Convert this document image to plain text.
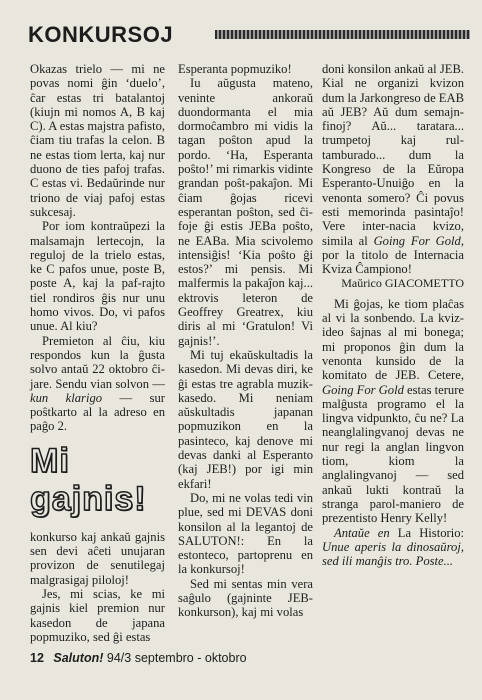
KONKURSOJ

Okazas trielo — mi ne povas nomi ĝin ‘duelo’, ĉar estas tri batalantoj (kiujn mi nomos A, B kaj C). A estas majstra pafisto, ĉiam tiu trafas la celon. B ne estas tiom lerta, kaj nur duono de ties pafoj trafas. C estas vi. Bedaŭrinde nur triono de viaj pafoj estas sukcesaj.

Por iom kontraŭpezi la malsamajn lertecojn, la reguloj de la trielo estas, ke C pafos unue, poste B, poste A, kaj la paf-rajto tiel rondiros ĝis nur unu homo vivos. Do, vi pafos unue. Al kiu?

Premieton al ĉiu, kiu respondos kun la ĝusta solvo antaŭ 22 oktobro ĉi-jare. Sendu vian solvon — kun klarigo — sur poŝtkarto al la adreso en paĝo 2.

Mi gajnis!

konkurso kaj ankaŭ gajnis sen devi aĉeti unujaran provizon de senutilegaj malgrasigaj piloloj!

Jes, mi scias, ke mi gajnis kiel premion nur kasedon de japana popmuziko, sed ĝi estas

Esperanta popmuziko!

Iu aŭgusta mateno, veninte ankoraŭ duondormanta el mia dormoĉambro mi vidis la tagan poŝton apud la pordo. ‘Ha, Esperanta poŝto!’ mi rimarkis vidinte grandan poŝt-pakaĵon. Mi ĉiam ĝojas ricevi esperantan poŝton, sed ĉi-foje ĝi estis JEBa poŝto, ne EABa. Mia scivolemo intensiĝis! ‘Kia poŝto ĝi estos?’ mi pensis. Mi malfermis la pakaĵon kaj... ektrovis leteron de Geoffrey Greatrex, kiu diris al mi ‘Gratulon! Vi gajnis!’.

Mi tuj ekaŭskultadis la kasedon. Mi devas diri, ke ĝi estas tre agrabla muzik-kasedo. Mi neniam aŭskultadis japanan popmuzikon en la pasinteco, kaj denove mi devas danki al Esperanto (kaj JEB!) por igi min ekfari!

Do, mi ne volas tedi vin plue, sed mi DEVAS doni konsilon al la legantoj de SALUTON!: En la estonteco, partoprenu en la konkursoj!

Sed mi sentas min vera saĝulo (gajninte JEB-konkurson), kaj mi volas

doni konsilon ankaŭ al JEB. Kial ne organizi kvizon dum la Jarkongreso de EAB aŭ JEB? Aŭ dum semajn-finoj? Aŭ... taratara... trumpetoj kaj rul-tamburado... dum la Kongreso de la Eŭropa Esperanto-Unuiĝo en la venonta somero? Ĉi povus esti memorinda pasintaĵo! Vere inter-nacia kvizo, simila al Going For Gold, por la titolo de Internacia Kviza Ĉampiono!

Maŭrico GIACOMETTO

Mi ĝojas, ke tiom plaĉas al vi la sonbendo. La kviz-ideo ŝajnas al mi bonega; mi proponos ĝin dum la venonta kunsido de la komitato de JEB. Cetere, Going For Gold estas terure malĝusta programo el la lingva vidpunkto, ĉu ne? La neanglalingvanoj devas ne nur regi la anglan lingvon tiom, kiom la anglalingvanoj — sed ankaŭ lukti kontraŭ la stranga parol-maniero de prezentisto Henry Kelly!

Antaŭe en La Historio: Unue aperis la dinosaŭroj, sed ili manĝis tro. Poste...

12 Saluton! 94/3 septembro - oktobro
